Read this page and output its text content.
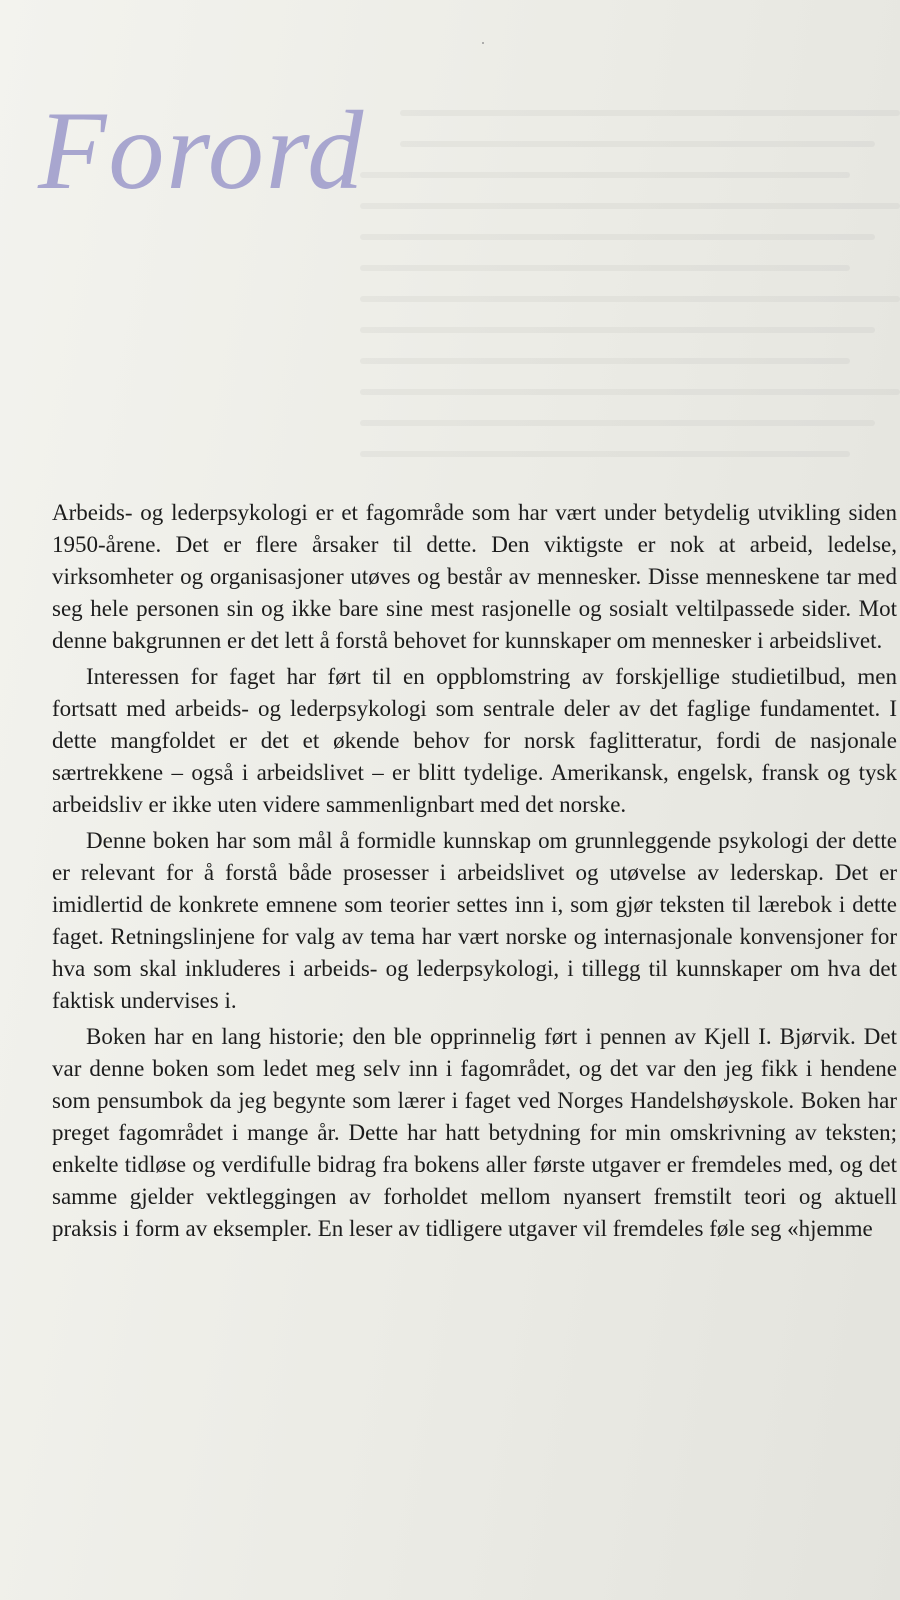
Forord

Arbeids- og lederpsykologi er et fagområde som har vært under betydelig utvikling siden 1950-årene. Det er flere årsaker til dette. Den viktigste er nok at arbeid, ledelse, virksomheter og organisasjoner utøves og består av mennesker. Disse menneskene tar med seg hele personen sin og ikke bare sine mest rasjonelle og sosialt veltilpassede sider. Mot denne bakgrunnen er det lett å forstå behovet for kunnskaper om mennesker i arbeidslivet.

Interessen for faget har ført til en oppblomstring av forskjellige studietilbud, men fortsatt med arbeids- og lederpsykologi som sentrale deler av det faglige fundamentet. I dette mangfoldet er det et økende behov for norsk faglitteratur, fordi de nasjonale særtrekkene – også i arbeidslivet – er blitt tydelige. Amerikansk, engelsk, fransk og tysk arbeidsliv er ikke uten videre sammenlignbart med det norske.

Denne boken har som mål å formidle kunnskap om grunnleggende psykologi der dette er relevant for å forstå både prosesser i arbeidslivet og utøvelse av lederskap. Det er imidlertid de konkrete emnene som teorier settes inn i, som gjør teksten til lærebok i dette faget. Retningslinjene for valg av tema har vært norske og internasjonale konvensjoner for hva som skal inkluderes i arbeids- og lederpsykologi, i tillegg til kunnskaper om hva det faktisk undervises i.

Boken har en lang historie; den ble opprinnelig ført i pennen av Kjell I. Bjørvik. Det var denne boken som ledet meg selv inn i fagområdet, og det var den jeg fikk i hendene som pensumbok da jeg begynte som lærer i faget ved Norges Handelshøyskole. Boken har preget fagområdet i mange år. Dette har hatt betydning for min omskrivning av teksten; enkelte tidløse og verdifulle bidrag fra bokens aller første utgaver er fremdeles med, og det samme gjelder vektleggingen av forholdet mellom nyansert fremstilt teori og aktuell praksis i form av eksempler. En leser av tidligere utgaver vil fremdeles føle seg «hjemme
